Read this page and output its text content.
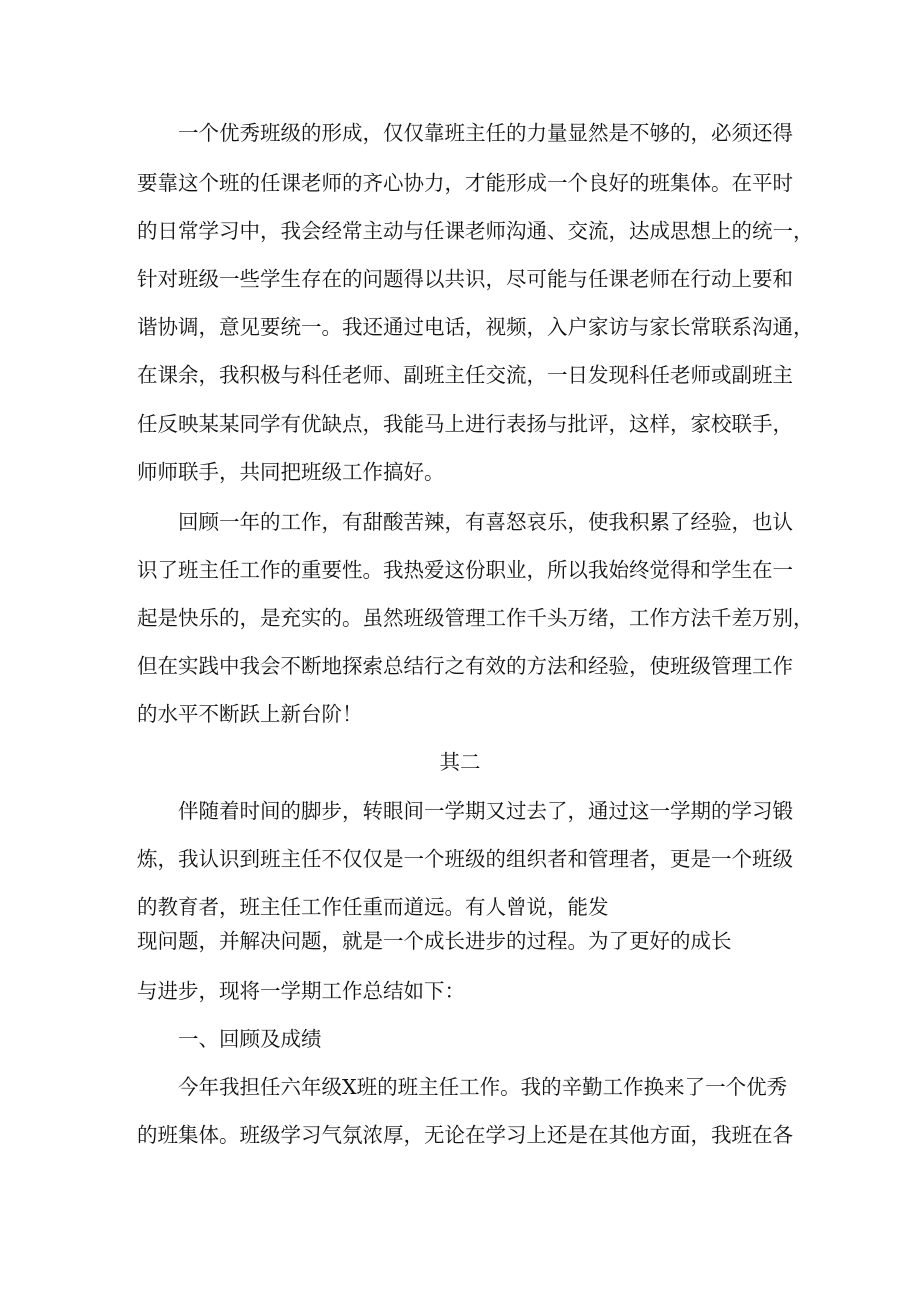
一个优秀班级的形成，仅仅靠班主任的力量显然是不够的，必须还得
要靠这个班的任课老师的齐心协力，才能形成一个良好的班集体。在平时
的日常学习中，我会经常主动与任课老师沟通、交流，达成思想上的统一，
针对班级一些学生存在的问题得以共识，尽可能与任课老师在行动上要和
谐协调，意见要统一。我还通过电话，视频，入户家访与家长常联系沟通，
在课余，我积极与科任老师、副班主任交流，一日发现科任老师或副班主
任反映某某同学有优缺点，我能马上进行表扬与批评，这样，家校联手，
师师联手，共同把班级工作搞好。
回顾一年的工作，有甜酸苦辣，有喜怒哀乐，使我积累了经验，也认
识了班主任工作的重要性。我热爱这份职业，所以我始终觉得和学生在一
起是快乐的，是充实的。虽然班级管理工作千头万绪，工作方法千差万别，
但在实践中我会不断地探索总结行之有效的方法和经验，使班级管理工作
的水平不断跃上新台阶！
其二
伴随着时间的脚步，转眼间一学期又过去了，通过这一学期的学习锻
炼，我认识到班主任不仅仅是一个班级的组织者和管理者，更是一个班级
的教育者，班主任工作任重而道远。有人曾说，能发
现问题，并解决问题，就是一个成长进步的过程。为了更好的成长
与进步，现将一学期工作总结如下：
一、回顾及成绩
今年我担任六年级X班的班主任工作。我的辛勤工作换来了一个优秀
的班集体。班级学习气氛浓厚，无论在学习上还是在其他方面，我班在各
